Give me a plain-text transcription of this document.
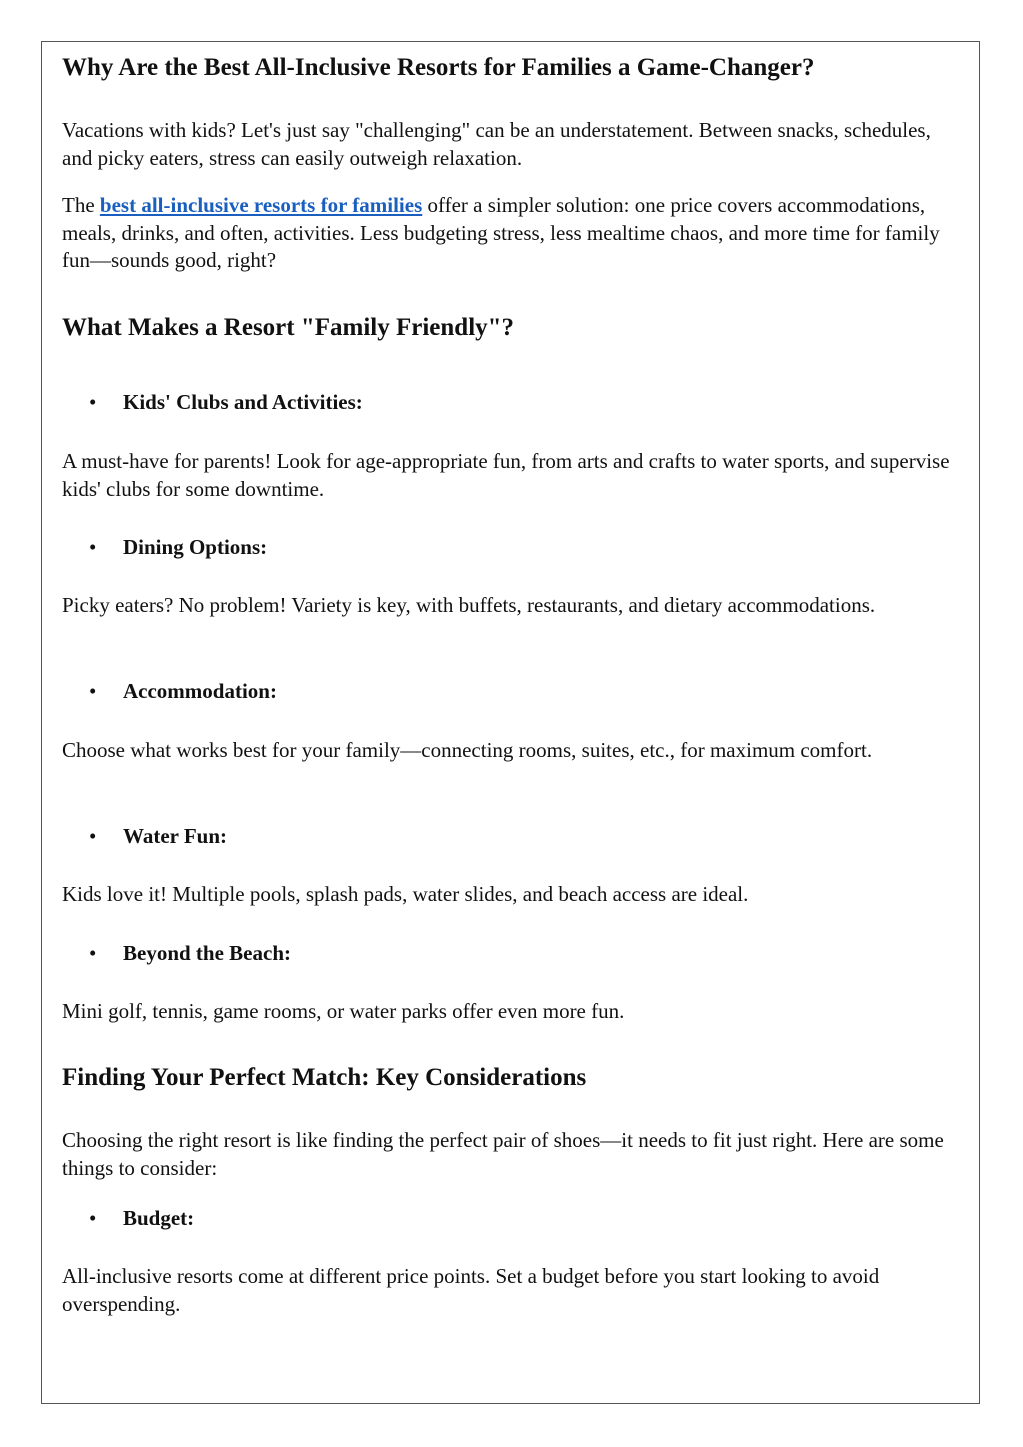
Why Are the Best All-Inclusive Resorts for Families a Game-Changer?

Vacations with kids? Let's just say "challenging" can be an understatement. Between snacks, schedules, and picky eaters, stress can easily outweigh relaxation.

The best all-inclusive resorts for families offer a simpler solution: one price covers accommodations, meals, drinks, and often, activities. Less budgeting stress, less mealtime chaos, and more time for family fun—sounds good, right?

What Makes a Resort "Family Friendly"?
• Kids' Clubs and Activities:

A must-have for parents! Look for age-appropriate fun, from arts and crafts to water sports, and supervise kids' clubs for some downtime.

• Dining Options:

Picky eaters? No problem! Variety is key, with buffets, restaurants, and dietary accommodations.

• Accommodation:

Choose what works best for your family—connecting rooms, suites, etc., for maximum comfort.

• Water Fun:

Kids love it! Multiple pools, splash pads, water slides, and beach access are ideal.

• Beyond the Beach:

Mini golf, tennis, game rooms, or water parks offer even more fun.

Finding Your Perfect Match: Key Considerations

Choosing the right resort is like finding the perfect pair of shoes—it needs to fit just right. Here are some things to consider:

• Budget:

All-inclusive resorts come at different price points. Set a budget before you start looking to avoid overspending.
